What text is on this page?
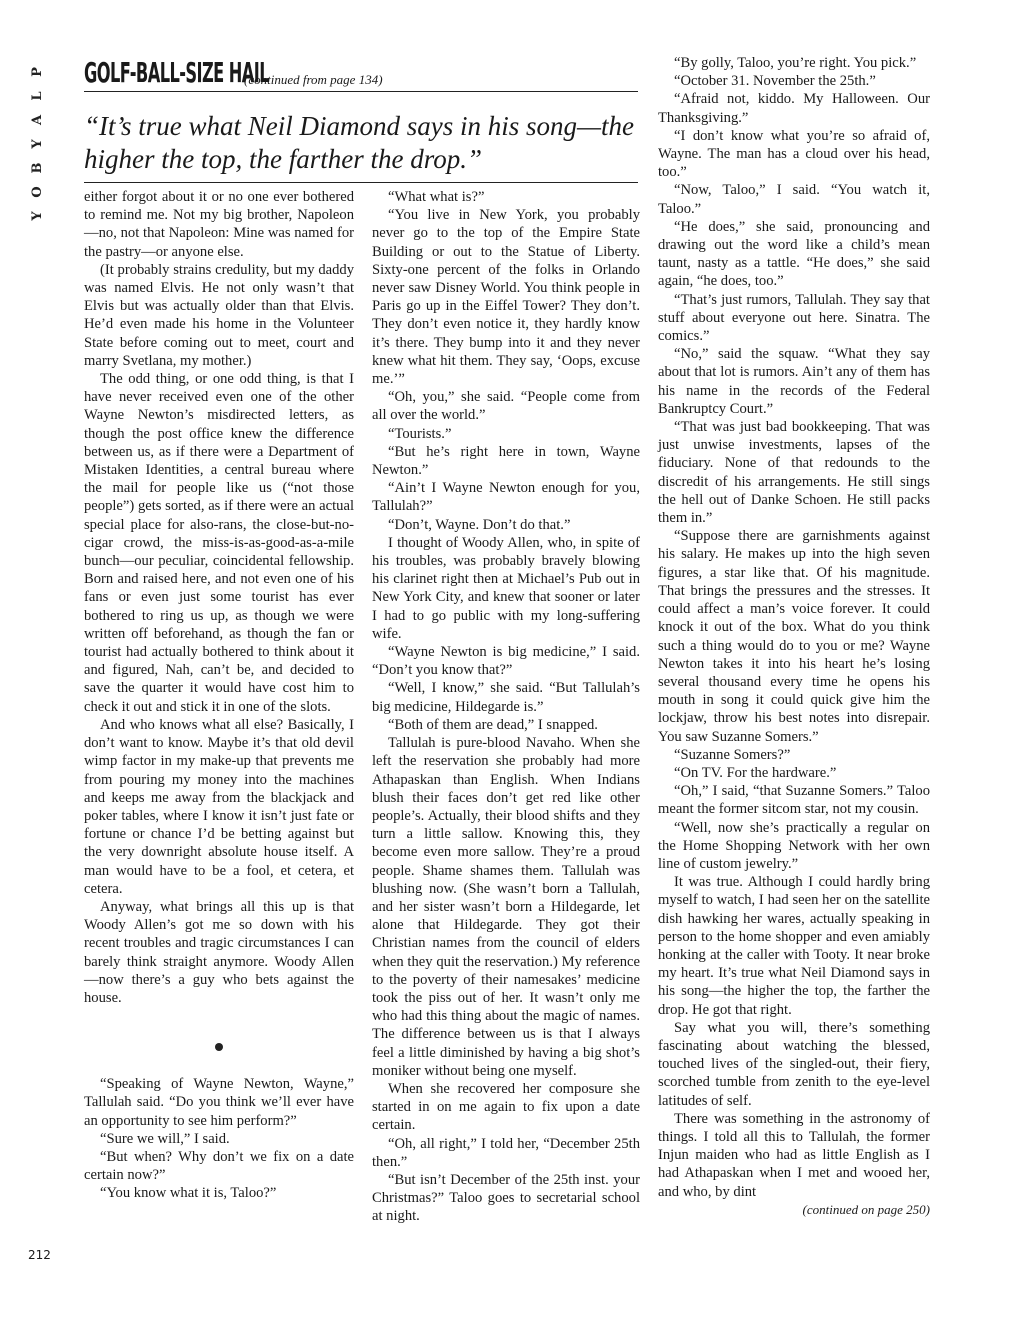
P
L
A
Y
B
O
Y
GOLF-BALL-SIZE HAIL
(continued from page 134)
“It’s true what Neil Diamond says in his song—the higher the top, the farther the drop.”

either forgot about it or no one ever bothered to remind me. Not my big brother, Napoleon—no, not that Napoleon: Mine was named for the pastry—or anyone else.

(It probably strains credulity, but my daddy was named Elvis. He not only wasn’t that Elvis but was actually older than that Elvis. He’d even made his home in the Volunteer State before coming out to meet, court and marry Svetlana, my mother.)

The odd thing, or one odd thing, is that I have never received even one of the other Wayne Newton’s misdirected letters, as though the post office knew the difference between us, as if there were a Department of Mistaken Identities, a central bureau where the mail for people like us (“not those people”) gets sorted, as if there were an actual special place for also-rans, the close-but-no-cigar crowd, the miss-is-as-good-as-a-mile bunch—our peculiar, coincidental fellowship. Born and raised here, and not even one of his fans or even just some tourist has ever bothered to ring us up, as though we were written off beforehand, as though the fan or tourist had actually bothered to think about it and figured, Nah, can’t be, and decided to save the quarter it would have cost him to check it out and stick it in one of the slots.

And who knows what all else? Basically, I don’t want to know. Maybe it’s that old devil wimp factor in my make-up that prevents me from pouring my money into the machines and keeps me away from the blackjack and poker tables, where I know it isn’t just fate or fortune or chance I’d be betting against but the very downright absolute house itself. A man would have to be a fool, et cetera, et cetera.

Anyway, what brings all this up is that Woody Allen’s got me so down with his recent troubles and tragic circumstances I can barely think straight anymore. Woody Allen—now there’s a guy who bets against the house.

“Speaking of Wayne Newton, Wayne,” Tallulah said. “Do you think we’ll ever have an opportunity to see him perform?”

“Sure we will,” I said.

“But when? Why don’t we fix on a date certain now?”

“You know what it is, Taloo?”

“What what is?”

“You live in New York, you probably never go to the top of the Empire State Building or out to the Statue of Liberty. Sixty-one percent of the folks in Orlando never saw Disney World. You think people in Paris go up in the Eiffel Tower? They don’t. They don’t even notice it, they hardly know it’s there. They bump into it and they never knew what hit them. They say, ‘Oops, excuse me.’”

“Oh, you,” she said. “People come from all over the world.”

“Tourists.”

“But he’s right here in town, Wayne Newton.”

“Ain’t I Wayne Newton enough for you, Tallulah?”

“Don’t, Wayne. Don’t do that.”

I thought of Woody Allen, who, in spite of his troubles, was probably bravely blowing his clarinet right then at Michael’s Pub out in New York City, and knew that sooner or later I had to go public with my long-suffering wife.

“Wayne Newton is big medicine,” I said. “Don’t you know that?”

“Well, I know,” she said. “But Tallulah’s big medicine, Hildegarde is.”

“Both of them are dead,” I snapped.

Tallulah is pure-blood Navaho. When she left the reservation she probably had more Athapaskan than English. When Indians blush their faces don’t get red like other people’s. Actually, their blood shifts and they turn a little sallow. Knowing this, they become even more sallow. They’re a proud people. Shame shames them. Tallulah was blushing now. (She wasn’t born a Tallulah, and her sister wasn’t born a Hildegarde, let alone that Hildegarde. They got their Christian names from the council of elders when they quit the reservation.) My reference to the poverty of their namesakes’ medicine took the piss out of her. It wasn’t only me who had this thing about the magic of names. The difference between us is that I always feel a little diminished by having a big shot’s moniker without being one myself.

When she recovered her composure she started in on me again to fix upon a date certain.

“Oh, all right,” I told her, “December 25th then.”

“But isn’t December of the 25th inst. your Christmas?” Taloo goes to secretarial school at night.

“By golly, Taloo, you’re right. You pick.”

“October 31. November the 25th.”

“Afraid not, kiddo. My Halloween. Our Thanksgiving.”

“I don’t know what you’re so afraid of, Wayne. The man has a cloud over his head, too.”

“Now, Taloo,” I said. “You watch it, Taloo.”

“He does,” she said, pronouncing and drawing out the word like a child’s mean taunt, nasty as a tattle. “He does,” she said again, “he does, too.”

“That’s just rumors, Tallulah. They say that stuff about everyone out here. Sinatra. The comics.”

“No,” said the squaw. “What they say about that lot is rumors. Ain’t any of them has his name in the records of the Federal Bankruptcy Court.”

“That was just bad bookkeeping. That was just unwise investments, lapses of the fiduciary. None of that redounds to the discredit of his arrangements. He still sings the hell out of Danke Schoen. He still packs them in.”

“Suppose there are garnishments against his salary. He makes up into the high seven figures, a star like that. Of his magnitude. That brings the pressures and the stresses. It could affect a man’s voice forever. It could knock it out of the box. What do you think such a thing would do to you or me? Wayne Newton takes it into his heart he’s losing several thousand every time he opens his mouth in song it could quick give him the lockjaw, throw his best notes into disrepair. You saw Suzanne Somers.”

“Suzanne Somers?”

“On TV. For the hardware.”

“Oh,” I said, “that Suzanne Somers.” Taloo meant the former sitcom star, not my cousin.

“Well, now she’s practically a regular on the Home Shopping Network with her own line of custom jewelry.”

It was true. Although I could hardly bring myself to watch, I had seen her on the satellite dish hawking her wares, actually speaking in person to the home shopper and even amiably honking at the caller with Tooty. It near broke my heart. It’s true what Neil Diamond says in his song—the higher the top, the farther the drop. He got that right.

Say what you will, there’s something fascinating about watching the blessed, touched lives of the singled-out, their fiery, scorched tumble from zenith to the eye-level latitudes of self.

There was something in the astronomy of things. I told all this to Tallulah, the former Injun maiden who had as little English as I had Athapaskan when I met and wooed her, and who, by dint

(continued on page 250)

212
